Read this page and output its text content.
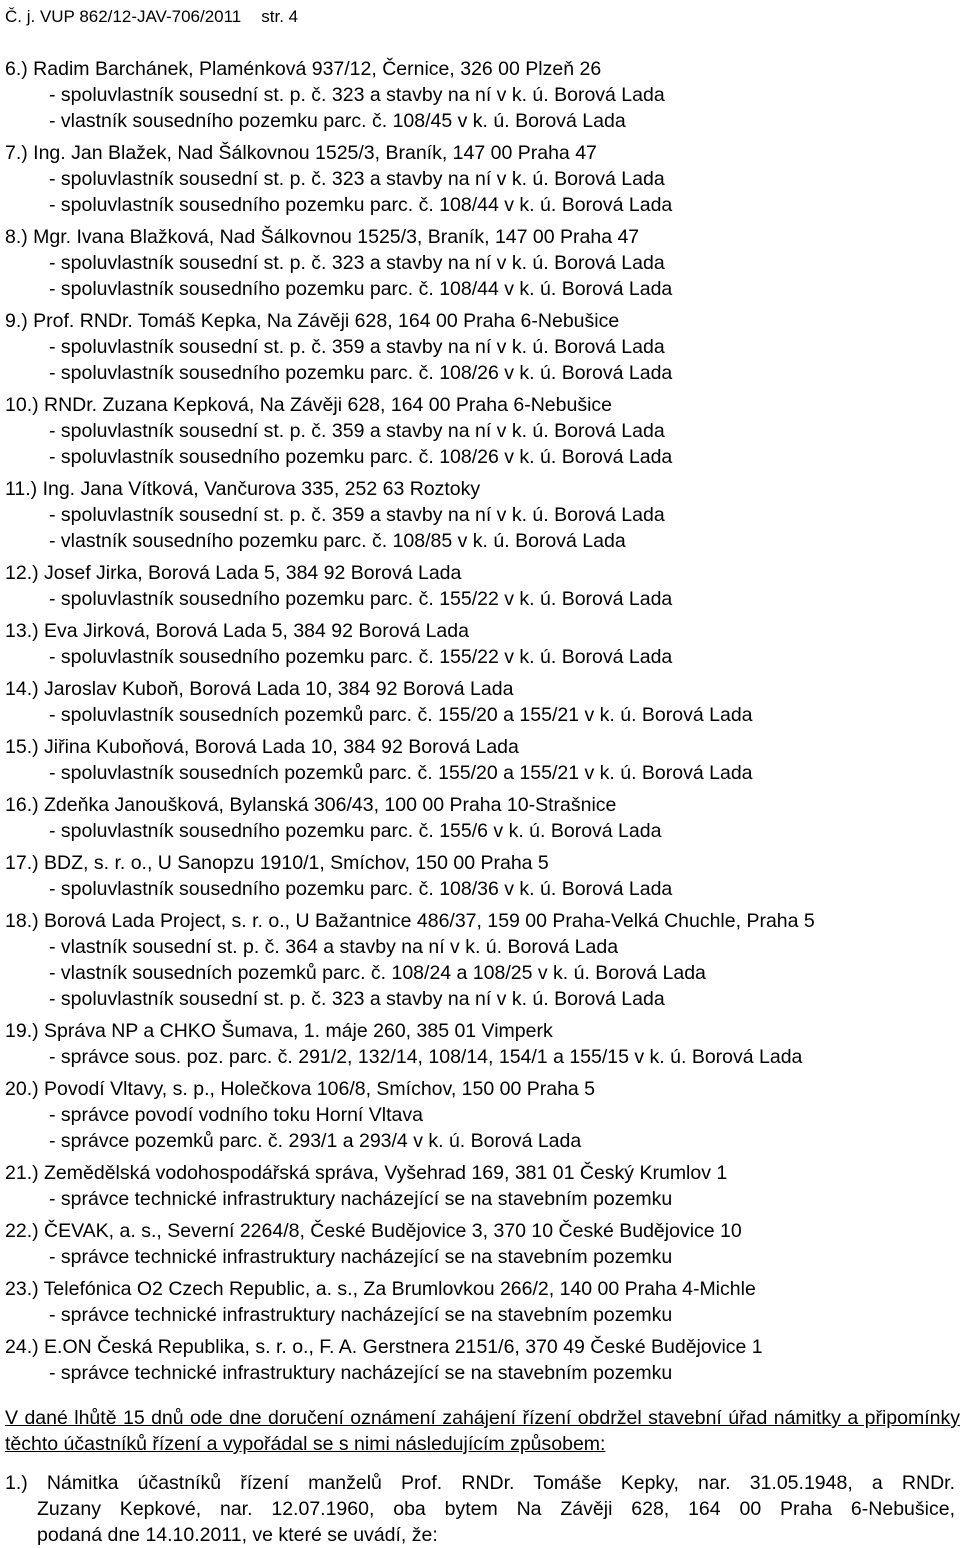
Č. j. VUP 862/12-JAV-706/2011 str. 4
6.) Radim Barchánek, Plaménková 937/12, Černice, 326 00 Plzeň 26
- spoluvlastník sousední st. p. č. 323 a stavby na ní v k. ú. Borová Lada
- vlastník sousedního pozemku parc. č. 108/45 v k. ú. Borová Lada
7.) Ing. Jan Blažek, Nad Šálkovnou 1525/3, Braník, 147 00 Praha 47
- spoluvlastník sousední st. p. č. 323 a stavby na ní v k. ú. Borová Lada
- spoluvlastník sousedního pozemku parc. č. 108/44 v k. ú. Borová Lada
8.) Mgr. Ivana Blažková, Nad Šálkovnou 1525/3, Braník, 147 00 Praha 47
- spoluvlastník sousední st. p. č. 323 a stavby na ní v k. ú. Borová Lada
- spoluvlastník sousedního pozemku parc. č. 108/44 v k. ú. Borová Lada
9.) Prof. RNDr. Tomáš Kepka, Na Závěji 628, 164 00 Praha 6-Nebušice
- spoluvlastník sousední st. p. č. 359 a stavby na ní v k. ú. Borová Lada
- spoluvlastník sousedního pozemku parc. č. 108/26 v k. ú. Borová Lada
10.) RNDr. Zuzana Kepková, Na Závěji 628, 164 00 Praha 6-Nebušice
- spoluvlastník sousední st. p. č. 359 a stavby na ní v k. ú. Borová Lada
- spoluvlastník sousedního pozemku parc. č. 108/26 v k. ú. Borová Lada
11.) Ing. Jana Vítková, Vančurova 335, 252 63 Roztoky
- spoluvlastník sousední st. p. č. 359 a stavby na ní v k. ú. Borová Lada
- vlastník sousedního pozemku parc. č. 108/85 v k. ú. Borová Lada
12.) Josef Jirka, Borová Lada 5, 384 92 Borová Lada
- spoluvlastník sousedního pozemku parc. č. 155/22 v k. ú. Borová Lada
13.) Eva Jirková, Borová Lada 5, 384 92 Borová Lada
- spoluvlastník sousedního pozemku parc. č. 155/22 v k. ú. Borová Lada
14.) Jaroslav Kuboň, Borová Lada 10, 384 92 Borová Lada
- spoluvlastník sousedních pozemků parc. č. 155/20 a 155/21 v k. ú. Borová Lada
15.) Jiřina Kuboňová, Borová Lada 10, 384 92 Borová Lada
- spoluvlastník sousedních pozemků parc. č. 155/20 a 155/21 v k. ú. Borová Lada
16.) Zdeňka Janoušková, Bylanská 306/43, 100 00 Praha 10-Strašnice
- spoluvlastník sousedního pozemku parc. č. 155/6 v k. ú. Borová Lada
17.) BDZ, s. r. o., U Sanopzu 1910/1, Smíchov, 150 00 Praha 5
- spoluvlastník sousedního pozemku parc. č. 108/36 v k. ú. Borová Lada
18.) Borová Lada Project, s. r. o., U Bažantnice 486/37, 159 00 Praha-Velká Chuchle, Praha 5
- vlastník sousední st. p. č. 364 a stavby na ní v k. ú. Borová Lada
- vlastník sousedních pozemků parc. č. 108/24 a 108/25 v k. ú. Borová Lada
- spoluvlastník sousední st. p. č. 323 a stavby na ní v k. ú. Borová Lada
19.) Správa NP a CHKO Šumava, 1. máje 260, 385 01 Vimperk
- správce sous. poz. parc. č. 291/2, 132/14, 108/14, 154/1 a 155/15 v k. ú. Borová Lada
20.) Povodí Vltavy, s. p., Holečkova 106/8, Smíchov, 150 00 Praha 5
- správce povodí vodního toku Horní Vltava
- správce pozemků parc. č. 293/1 a 293/4 v k. ú. Borová Lada
21.) Zemědělská vodohospodářská správa, Vyšehrad 169, 381 01 Český Krumlov 1
- správce technické infrastruktury nacházející se na stavebním pozemku
22.) ČEVAK, a. s., Severní 2264/8, České Budějovice 3, 370 10 České Budějovice 10
- správce technické infrastruktury nacházející se na stavebním pozemku
23.) Telefónica O2 Czech Republic, a. s., Za Brumlovkou 266/2, 140 00 Praha 4-Michle
- správce technické infrastruktury nacházející se na stavebním pozemku
24.) E.ON Česká Republika, s. r. o., F. A. Gerstnera 2151/6, 370 49 České Budějovice 1
- správce technické infrastruktury nacházející se na stavebním pozemku
V dané lhůtě 15 dnů ode dne doručení oznámení zahájení řízení obdržel stavební úřad námitky a připomínky těchto účastníků řízení a vypořádal se s nimi následujícím způsobem:
1.) Námitka účastníků řízení manželů Prof. RNDr. Tomáše Kepky, nar. 31.05.1948, a RNDr.
Zuzany Kepkové, nar. 12.07.1960, oba bytem Na Závěji 628, 164 00 Praha 6-Nebušice,
podaná dne 14.10.2011, ve které se uvádí, že:
